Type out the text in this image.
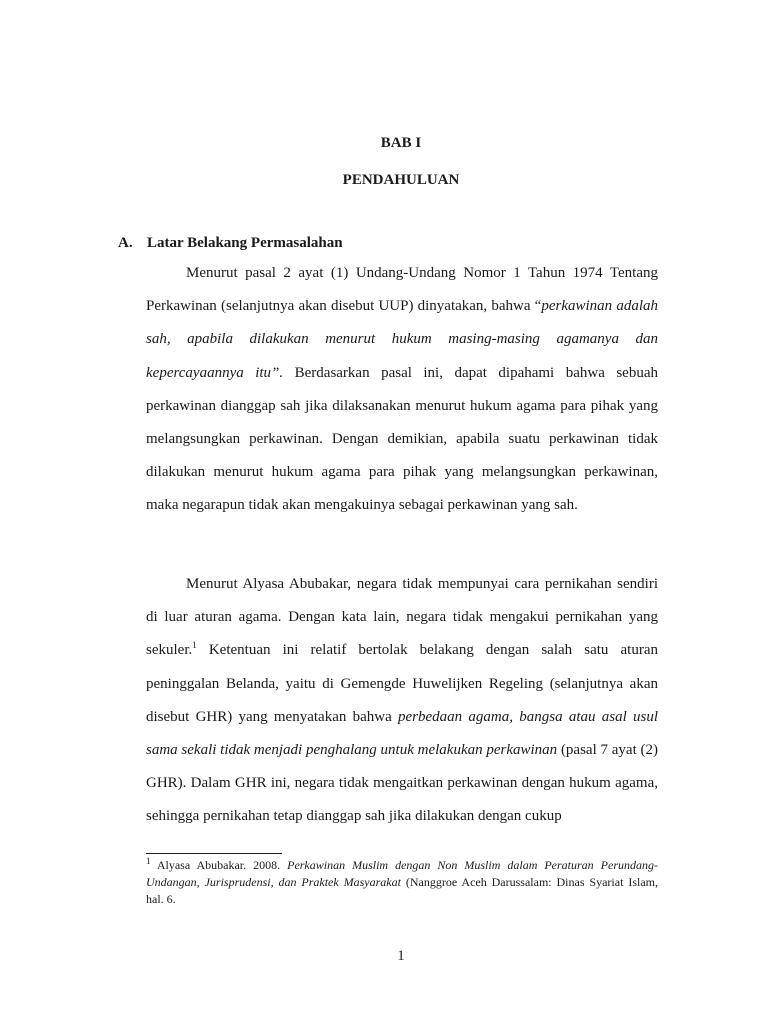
BAB I
PENDAHULUAN
A. Latar Belakang Permasalahan

Menurut pasal 2 ayat (1) Undang-Undang Nomor 1 Tahun 1974 Tentang Perkawinan (selanjutnya akan disebut UUP) dinyatakan, bahwa “perkawinan adalah sah, apabila dilakukan menurut hukum masing-masing agamanya dan kepercayaannya itu”. Berdasarkan pasal ini, dapat dipahami bahwa sebuah perkawinan dianggap sah jika dilaksanakan menurut hukum agama para pihak yang melangsungkan perkawinan. Dengan demikian, apabila suatu perkawinan tidak dilakukan menurut hukum agama para pihak yang melangsungkan perkawinan, maka negarapun tidak akan mengakuinya sebagai perkawinan yang sah.

Menurut Alyasa Abubakar, negara tidak mempunyai cara pernikahan sendiri di luar aturan agama. Dengan kata lain, negara tidak mengakui pernikahan yang sekuler.$^1$ Ketentuan ini relatif bertolak belakang dengan salah satu aturan peninggalan Belanda, yaitu di Gemengde Huwelijken Regeling (selanjutnya akan disebut GHR) yang menyatakan bahwa perbedaan agama, bangsa atau asal usul sama sekali tidak menjadi penghalang untuk melakukan perkawinan (pasal 7 ayat (2) GHR). Dalam GHR ini, negara tidak mengaitkan perkawinan dengan hukum agama, sehingga pernikahan tetap dianggap sah jika dilakukan dengan cukup

$^1$ Alyasa Abubakar. 2008. Perkawinan Muslim dengan Non Muslim dalam Peraturan Perundang-Undangan, Jurisprudensi, dan Praktek Masyarakat (Nanggroe Aceh Darussalam: Dinas Syariat Islam, hal. 6.
1
